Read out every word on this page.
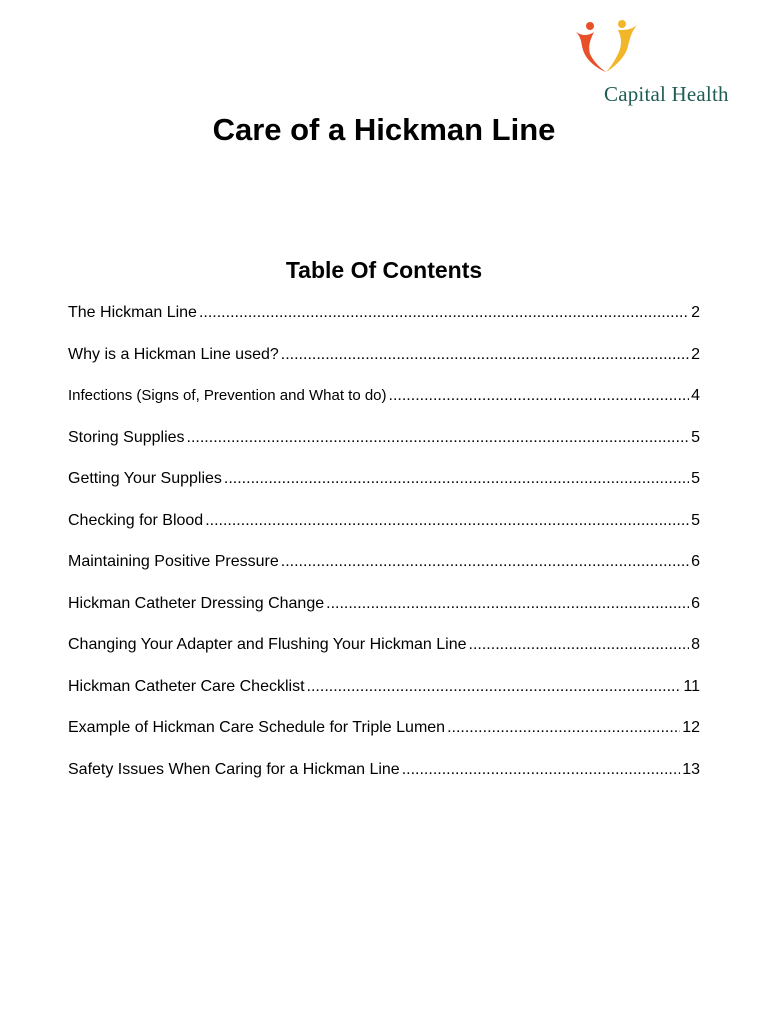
Capital Health
Care of a Hickman Line
Table Of Contents
The Hickman Line .....	2
Why is a Hickman Line used? .....	2
Infections (Signs of, Prevention and What to do) .....	4
Storing Supplies .....	5
Getting Your Supplies .....	5
Checking for Blood .....	5
Maintaining Positive Pressure .....	6
Hickman Catheter Dressing Change .....	6
Changing Your Adapter and Flushing Your Hickman Line .....	8
Hickman Catheter Care Checklist .....	11
Example of Hickman Care Schedule for Triple Lumen .....	12
Safety Issues When Caring for a Hickman Line .....	13
